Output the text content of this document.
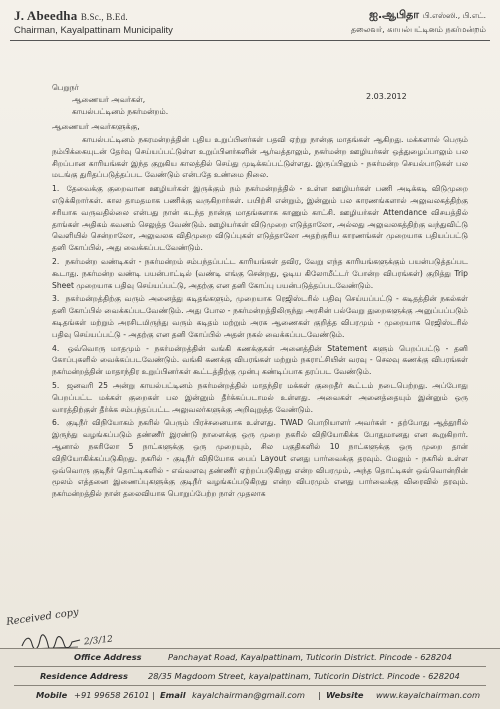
J. Abeedha B.Sc., B.Ed.
Chairman, Kayalpattinam Municipality
ஐ.ஆபிதா பி.எஸ்ஸி., பி.எட்.
தலைவர், காயல்பட்டினம் நகர்மன்றம்
2.03.2012
பெறுநர்
ஆணையர் அவர்கள்,
காயல்பட்டினம் நகர்மன்றம்.
ஆணையர் அவர்களுக்கு,

காயல்பட்டினம் நகரமன்றத்தின் புதிய உறுப்பினர்கள் பதவி ஏற்று நான்கு மாதங்கள் ஆகிறது. மக்களால் பெரும் நம்பிக்கையுடன் தேர்வு செய்யப்பட்டுள்ள உறுப்பினர்களின் ஆர்வத்தாலும், நகர்மன்ற ஊழியர்கள் ஒத்துழைப்பாலும் பல சிறப்பான காரியங்கள் இந்த குறுகிய காலத்தில் செய்து முடிக்கப்பட்டுள்ளது. இருப்பினும் - நகர்மன்ற செயல்பாடுகள் பல மடங்கு துரிதப்படுத்தப்பட வேண்டும் என்பதே உண்மை நிலை.

1. தேவைக்கு குறைவான ஊழியர்கள் இருக்கும் நம் நகர்மன்றத்தில் - உள்ள ஊழியர்கள் பணி அடிக்கடி விடுமுறை எடுக்கிறார்கள். கால தாமதமாக பணிக்கு வருகிறார்கள். பயிற்சி என்றும், இன்னும் பல காரணங்களால் அலுவலகத்திற்கு சரியாக வருவதில்லை என்பது நான் கடந்த நான்கு மாதங்களாக காணும் காட்சி. ஊழியர்கள் Attendance விசயத்தில் தாங்கள் அதிகம் கவனம் செலுத்த வேண்டும். ஊழியர்கள் விடுமுறை எடுத்தாலோ, அல்லது அலுவலகத்திற்கு வந்துவிட்டு வெளியில் சென்றாலோ, அலுவலக விதிமுறை விடுப்புகள் எடுத்தாலோ அதற்குரிய காரணங்கள் முறையாக பதியப்பட்டு தனி கோப்பில், அது வைக்கப்படவேண்டும்.

2. நகர்மன்ற வண்டிகள் - நகர்மன்றம் சம்பந்தப்பட்ட காரியங்கள் தவிர, வேறு எந்த காரியங்களுக்கும் பயன்படுத்தப்பட கூடாது. நகர்மன்ற வண்டி பயன்பாட்டில் (வண்டி எங்கு சென்றது, ஓடிய கிலோமீட்டர் போன்ற விபரங்கள்) குறித்து Trip Sheet முறையாக பதிவு செய்யப்பட்டு, அதற்கு என தனி கோப்பு பயன்படுத்தப்படவேண்டும்.

3. நகர்மன்றத்திற்கு வரும் அனைத்து கடிதங்களும், முறையாக ரெஜிஸ்டரில் பதிவு செய்யப்பட்டு - கடிதத்தின் நகல்கள் தனி கோப்பில் வைக்கப்படவேண்டும். அது போல - நகர்மன்றத்திலிருந்து அரசின் பல்வேறு துறைகளுக்கு அனுப்பப்படும் கடிதங்கள் மற்றும் அரசிடமிருந்து வரும் கடிதம் மற்றும் அரசு ஆணைகள் குறித்த விபரமும் - முறையாக ரெஜிஸ்டரில் பதிவு செய்யப்பட்டு - அதற்கு என தனி கோப்பில் அதன் நகல் வைக்கப்படவேண்டும்.

4. ஒவ்வொரு மாதமும் - நகர்மன்றத்தின் வங்கி கணக்குகள் அனைத்தின் Statement களும் பெறப்பட்டு - தனி கோப்புகளில் வைக்கப்படவேண்டும். வங்கி கணக்கு விபரங்கள் மற்றும் நகராட்சியின் வரவு - செலவு கணக்கு விபரங்கள் நகர்மன்றத்தின் மாதாந்திர உறுப்பினர்கள் கூட்டத்திற்கு முன்பு கண்டிப்பாக தரப்பட வேண்டும்.

5. ஜனவரி 25 அன்று காயல்பட்டினம் நகர்மன்றத்தில் மாதந்திர மக்கள் குறைதீர் கூட்டம் நடைபெற்றது. அப்போது பெறப்பட்ட மக்கள் குறைகள் பல இன்னும் தீர்க்கப்படாமல் உள்ளது. அவைகள் அனைத்தையும் இன்னும் ஒரு வாரத்திற்குள் தீர்க்க சம்பந்தப்பட்ட அலுவலர்களுக்கு அறிவுறுத்த வேண்டும்.

6. குடிநீர் விநியோகம் நகரில் பெரும் பிரச்சனையாக உள்ளது. TWAD பொறியாளர் அவர்கள் - தற்போது ஆத்தூரில் இருந்து வழங்கப்படும் தண்ணீர் இரண்டு நாளைக்கு ஒரு முறை நகரில் விநியோகிக்க போதுமானது என கூறுகிறார். ஆனால் நகரிலோ 5 நாட்களுக்கு ஒரு முறையும், சில பகுதிகளில் 10 நாட்களுக்கு ஒரு முறை தான் விநியோகிக்கப்படுகிறது. நகரில் - குடிநீர் விநியோக பைப் Layout எனது பார்வைக்கு தரவும். மேலும் - நகரில் உள்ள ஒவ்வொரு குடிநீர் தொட்டிகளில் - எவ்வளவு தண்ணீர் ஏற்றப்படுகிறது என்ற விபரமும், அந்த தொட்டிகள் ஒவ்வொன்றின் மூலம் எத்தனை இணைப்புகளுக்கு குடிநீர் வழங்கப்படுகிறது என்ற விபரமும் எனது பார்வைக்கு விரைவில் தரவும். நகர்மன்றத்தில் நான் தலைவியாக பொறுப்பேற்ற நாள் முதலாக

Received copy
2/3/12
Office Address	Panchayat Road, Kayalpattinam, Tuticorin District. Pincode - 628204
Residence Address 28/35 Magdoom Street, kayalpattinam, Tuticorin District. Pincode - 628204
Mobile +91 99658 26101 | Email kayalchairman@gmail.com | Website www.kayalchairman.com
